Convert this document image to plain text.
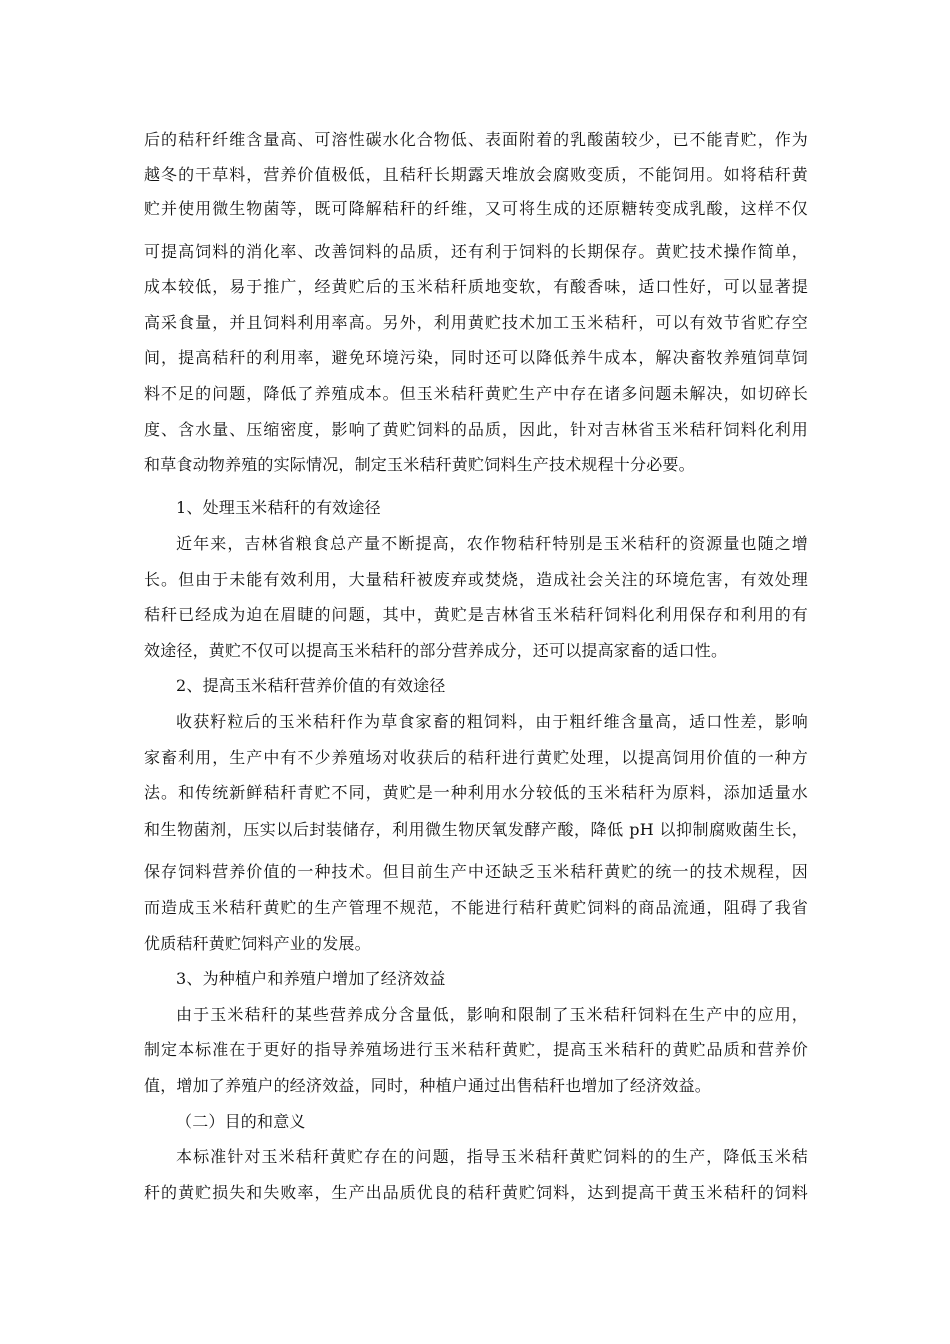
后的秸秆纤维含量高、可溶性碳水化合物低、表面附着的乳酸菌较少，已不能青贮，作为
越冬的干草料，营养价值极低，且秸秆长期露天堆放会腐败变质，不能饲用。如将秸秆黄
贮并使用微生物菌等，既可降解秸秆的纤维，又可将生成的还原糖转变成乳酸，这样不仅
可提高饲料的消化率、改善饲料的品质，还有利于饲料的长期保存。黄贮技术操作简单，
成本较低，易于推广，经黄贮后的玉米秸秆质地变软，有酸香味，适口性好，可以显著提
高采食量，并且饲料利用率高。另外，利用黄贮技术加工玉米秸秆，可以有效节省贮存空
间，提高秸秆的利用率，避免环境污染，同时还可以降低养牛成本，解决畜牧养殖饲草饲
料不足的问题，降低了养殖成本。但玉米秸秆黄贮生产中存在诸多问题未解决，如切碎长
度、含水量、压缩密度，影响了黄贮饲料的品质，因此，针对吉林省玉米秸秆饲料化利用
和草食动物养殖的实际情况，制定玉米秸秆黄贮饲料生产技术规程十分必要。
1、处理玉米秸秆的有效途径
近年来，吉林省粮食总产量不断提高，农作物秸秆特别是玉米秸秆的资源量也随之增
长。但由于未能有效利用，大量秸秆被废弃或焚烧，造成社会关注的环境危害，有效处理
秸秆已经成为迫在眉睫的问题，其中，黄贮是吉林省玉米秸秆饲料化利用保存和利用的有
效途径，黄贮不仅可以提高玉米秸秆的部分营养成分，还可以提高家畜的适口性。
2、提高玉米秸秆营养价值的有效途径
收获籽粒后的玉米秸秆作为草食家畜的粗饲料，由于粗纤维含量高，适口性差，影响
家畜利用，生产中有不少养殖场对收获后的秸秆进行黄贮处理，以提高饲用价值的一种方
法。和传统新鲜秸秆青贮不同，黄贮是一种利用水分较低的玉米秸秆为原料，添加适量水
和生物菌剂，压实以后封装储存，利用微生物厌氧发酵产酸，降低 pH 以抑制腐败菌生长，
保存饲料营养价值的一种技术。但目前生产中还缺乏玉米秸秆黄贮的统一的技术规程，因
而造成玉米秸秆黄贮的生产管理不规范，不能进行秸秆黄贮饲料的商品流通，阻碍了我省
优质秸秆黄贮饲料产业的发展。
3、为种植户和养殖户增加了经济效益
由于玉米秸秆的某些营养成分含量低，影响和限制了玉米秸秆饲料在生产中的应用，
制定本标准在于更好的指导养殖场进行玉米秸秆黄贮，提高玉米秸秆的黄贮品质和营养价
值，增加了养殖户的经济效益，同时，种植户通过出售秸秆也增加了经济效益。
（二）目的和意义
本标准针对玉米秸秆黄贮存在的问题，指导玉米秸秆黄贮饲料的的生产，降低玉米秸
秆的黄贮损失和失败率，生产出品质优良的秸秆黄贮饲料，达到提高干黄玉米秸秆的饲料
